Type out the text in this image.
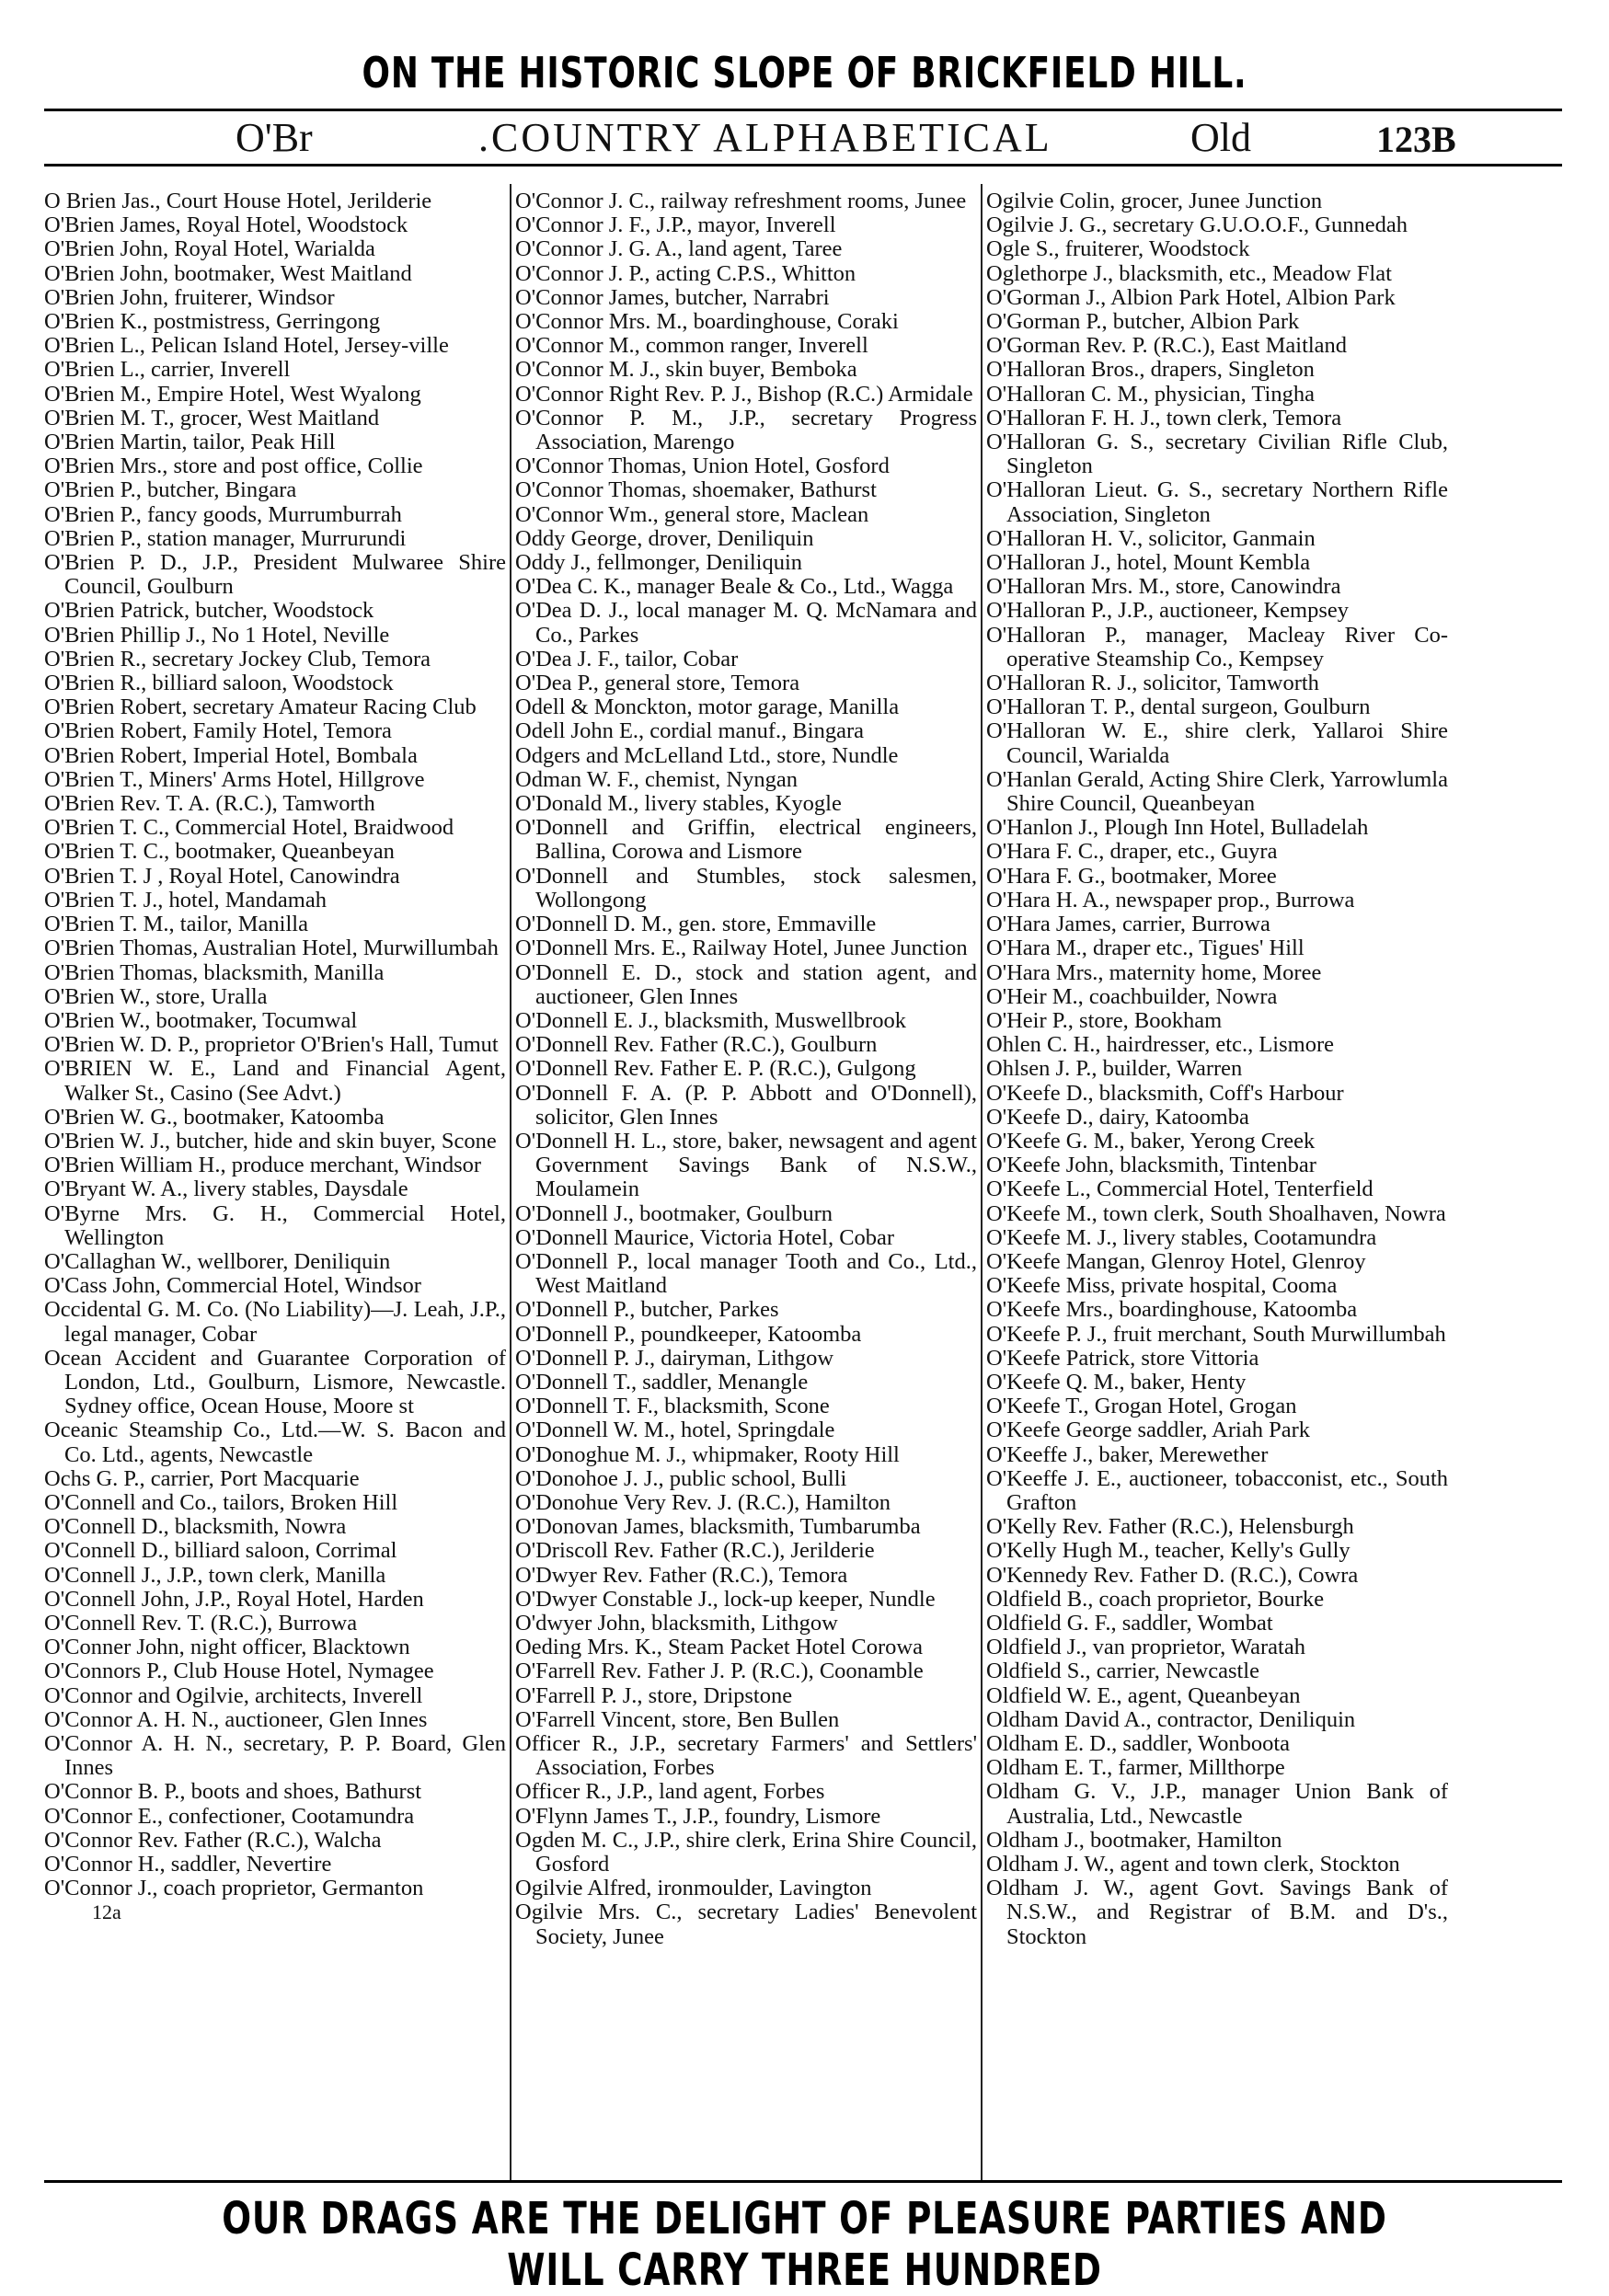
ON THE HISTORIC SLOPE OF BRICKFIELD HILL.
O'Br	.COUNTRY ALPHABETICAL	Old	123B

O Brien Jas., Court House Hotel, Jerilderie

O'Brien James, Royal Hotel, Woodstock

O'Brien John, Royal Hotel, Warialda

O'Brien John, bootmaker, West Maitland

O'Brien John, fruiterer, Windsor

O'Brien K., postmistress, Gerringong

O'Brien L., Pelican Island Hotel, Jersey-ville

O'Brien L., carrier, Inverell

O'Brien M., Empire Hotel, West Wyalong

O'Brien M. T., grocer, West Maitland

O'Brien Martin, tailor, Peak Hill

O'Brien Mrs., store and post office, Collie

O'Brien P., butcher, Bingara

O'Brien P., fancy goods, Murrumburrah

O'Brien P., station manager, Murrurundi

O'Brien P. D., J.P., President Mulwaree Shire Council, Goulburn

O'Brien Patrick, butcher, Woodstock

O'Brien Phillip J., No 1 Hotel, Neville

O'Brien R., secretary Jockey Club, Temora

O'Brien R., billiard saloon, Woodstock

O'Brien Robert, secretary Amateur Racing Club

O'Brien Robert, Family Hotel, Temora

O'Brien Robert, Imperial Hotel, Bombala

O'Brien T., Miners' Arms Hotel, Hillgrove

O'Brien Rev. T. A. (R.C.), Tamworth

O'Brien T. C., Commercial Hotel, Braidwood

O'Brien T. C., bootmaker, Queanbeyan

O'Brien T. J , Royal Hotel, Canowindra

O'Brien T. J., hotel, Mandamah

O'Brien T. M., tailor, Manilla

O'Brien Thomas, Australian Hotel, Murwillumbah

O'Brien Thomas, blacksmith, Manilla

O'Brien W., store, Uralla

O'Brien W., bootmaker, Tocumwal

O'Brien W. D. P., proprietor O'Brien's Hall, Tumut

O'BRIEN W. E., Land and Financial Agent, Walker St., Casino (See Advt.)

O'Brien W. G., bootmaker, Katoomba

O'Brien W. J., butcher, hide and skin buyer, Scone

O'Brien William H., produce merchant, Windsor

O'Bryant W. A., livery stables, Daysdale

O'Byrne Mrs. G. H., Commercial Hotel, Wellington

O'Callaghan W., wellborer, Deniliquin

O'Cass John, Commercial Hotel, Windsor

Occidental G. M. Co. (No Liability)—J. Leah, J.P., legal manager, Cobar

Ocean Accident and Guarantee Corporation of London, Ltd., Goulburn, Lismore, Newcastle. Sydney office, Ocean House, Moore st

Oceanic Steamship Co., Ltd.—W. S. Bacon and Co. Ltd., agents, Newcastle

Ochs G. P., carrier, Port Macquarie

O'Connell and Co., tailors, Broken Hill

O'Connell D., blacksmith, Nowra

O'Connell D., billiard saloon, Corrimal

O'Connell J., J.P., town clerk, Manilla

O'Connell John, J.P., Royal Hotel, Harden

O'Connell Rev. T. (R.C.), Burrowa

O'Conner John, night officer, Blacktown

O'Connors P., Club House Hotel, Nymagee

O'Connor and Ogilvie, architects, Inverell

O'Connor A. H. N., auctioneer, Glen Innes

O'Connor A. H. N., secretary, P. P. Board, Glen Innes

O'Connor B. P., boots and shoes, Bathurst

O'Connor E., confectioner, Cootamundra

O'Connor Rev. Father (R.C.), Walcha

O'Connor H., saddler, Nevertire

O'Connor J., coach proprietor, Germanton

12a

O'Connor J. C., railway refreshment rooms, Junee

O'Connor J. F., J.P., mayor, Inverell

O'Connor J. G. A., land agent, Taree

O'Connor J. P., acting C.P.S., Whitton

O'Connor James, butcher, Narrabri

O'Connor Mrs. M., boardinghouse, Coraki

O'Connor M., common ranger, Inverell

O'Connor M. J., skin buyer, Bemboka

O'Connor Right Rev. P. J., Bishop (R.C.) Armidale

O'Connor P. M., J.P., secretary Progress Association, Marengo

O'Connor Thomas, Union Hotel, Gosford

O'Connor Thomas, shoemaker, Bathurst

O'Connor Wm., general store, Maclean

Oddy George, drover, Deniliquin

Oddy J., fellmonger, Deniliquin

O'Dea C. K., manager Beale & Co., Ltd., Wagga

O'Dea D. J., local manager M. Q. McNamara and Co., Parkes

O'Dea J. F., tailor, Cobar

O'Dea P., general store, Temora

Odell & Monckton, motor garage, Manilla

Odell John E., cordial manuf., Bingara

Odgers and McLelland Ltd., store, Nundle

Odman W. F., chemist, Nyngan

O'Donald M., livery stables, Kyogle

O'Donnell and Griffin, electrical engineers, Ballina, Corowa and Lismore

O'Donnell and Stumbles, stock salesmen, Wollongong

O'Donnell D. M., gen. store, Emmaville

O'Donnell Mrs. E., Railway Hotel, Junee Junction

O'Donnell E. D., stock and station agent, and auctioneer, Glen Innes

O'Donnell E. J., blacksmith, Muswellbrook

O'Donnell Rev. Father (R.C.), Goulburn

O'Donnell Rev. Father E. P. (R.C.), Gulgong

O'Donnell F. A. (P. P. Abbott and O'Donnell), solicitor, Glen Innes

O'Donnell H. L., store, baker, newsagent and agent Government Savings Bank of N.S.W., Moulamein

O'Donnell J., bootmaker, Goulburn

O'Donnell Maurice, Victoria Hotel, Cobar

O'Donnell P., local manager Tooth and Co., Ltd., West Maitland

O'Donnell P., butcher, Parkes

O'Donnell P., poundkeeper, Katoomba

O'Donnell P. J., dairyman, Lithgow

O'Donnell T., saddler, Menangle

O'Donnell T. F., blacksmith, Scone

O'Donnell W. M., hotel, Springdale

O'Donoghue M. J., whipmaker, Rooty Hill

O'Donohoe J. J., public school, Bulli

O'Donohue Very Rev. J. (R.C.), Hamilton

O'Donovan James, blacksmith, Tumbarumba

O'Driscoll Rev. Father (R.C.), Jerilderie

O'Dwyer Rev. Father (R.C.), Temora

O'Dwyer Constable J., lock-up keeper, Nundle

O'dwyer John, blacksmith, Lithgow

Oeding Mrs. K., Steam Packet Hotel Corowa

O'Farrell Rev. Father J. P. (R.C.), Coonamble

O'Farrell P. J., store, Dripstone

O'Farrell Vincent, store, Ben Bullen

Officer R., J.P., secretary Farmers' and Settlers' Association, Forbes

Officer R., J.P., land agent, Forbes

O'Flynn James T., J.P., foundry, Lismore

Ogden M. C., J.P., shire clerk, Erina Shire Council, Gosford

Ogilvie Alfred, ironmoulder, Lavington

Ogilvie Mrs. C., secretary Ladies' Benevolent Society, Junee

Ogilvie Colin, grocer, Junee Junction

Ogilvie J. G., secretary G.U.O.O.F., Gunnedah

Ogle S., fruiterer, Woodstock

Oglethorpe J., blacksmith, etc., Meadow Flat

O'Gorman J., Albion Park Hotel, Albion Park

O'Gorman P., butcher, Albion Park

O'Gorman Rev. P. (R.C.), East Maitland

O'Halloran Bros., drapers, Singleton

O'Halloran C. M., physician, Tingha

O'Halloran F. H. J., town clerk, Temora

O'Halloran G. S., secretary Civilian Rifle Club, Singleton

O'Halloran Lieut. G. S., secretary Northern Rifle Association, Singleton

O'Halloran H. V., solicitor, Ganmain

O'Halloran J., hotel, Mount Kembla

O'Halloran Mrs. M., store, Canowindra

O'Halloran P., J.P., auctioneer, Kempsey

O'Halloran P., manager, Macleay River Co-operative Steamship Co., Kempsey

O'Halloran R. J., solicitor, Tamworth

O'Halloran T. P., dental surgeon, Goulburn

O'Halloran W. E., shire clerk, Yallaroi Shire Council, Warialda

O'Hanlan Gerald, Acting Shire Clerk, Yarrowlumla Shire Council, Queanbeyan

O'Hanlon J., Plough Inn Hotel, Bulladelah

O'Hara F. C., draper, etc., Guyra

O'Hara F. G., bootmaker, Moree

O'Hara H. A., newspaper prop., Burrowa

O'Hara James, carrier, Burrowa

O'Hara M., draper etc., Tigues' Hill

O'Hara Mrs., maternity home, Moree

O'Heir M., coachbuilder, Nowra

O'Heir P., store, Bookham

Ohlen C. H., hairdresser, etc., Lismore

Ohlsen J. P., builder, Warren

O'Keefe D., blacksmith, Coff's Harbour

O'Keefe D., dairy, Katoomba

O'Keefe G. M., baker, Yerong Creek

O'Keefe John, blacksmith, Tintenbar

O'Keefe L., Commercial Hotel, Tenterfield

O'Keefe M., town clerk, South Shoalhaven, Nowra

O'Keefe M. J., livery stables, Cootamundra

O'Keefe Mangan, Glenroy Hotel, Glenroy

O'Keefe Miss, private hospital, Cooma

O'Keefe Mrs., boardinghouse, Katoomba

O'Keefe P. J., fruit merchant, South Murwillumbah

O'Keefe Patrick, store Vittoria

O'Keefe Q. M., baker, Henty

O'Keefe T., Grogan Hotel, Grogan

O'Keefe George saddler, Ariah Park

O'Keeffe J., baker, Merewether

O'Keeffe J. E., auctioneer, tobacconist, etc., South Grafton

O'Kelly Rev. Father (R.C.), Helensburgh

O'Kelly Hugh M., teacher, Kelly's Gully

O'Kennedy Rev. Father D. (R.C.), Cowra

Oldfield B., coach proprietor, Bourke

Oldfield G. F., saddler, Wombat

Oldfield J., van proprietor, Waratah

Oldfield S., carrier, Newcastle

Oldfield W. E., agent, Queanbeyan

Oldham David A., contractor, Deniliquin

Oldham E. D., saddler, Wonboota

Oldham E. T., farmer, Millthorpe

Oldham G. V., J.P., manager Union Bank of Australia, Ltd., Newcastle

Oldham J., bootmaker, Hamilton

Oldham J. W., agent and town clerk, Stockton

Oldham J. W., agent Govt. Savings Bank of N.S.W., and Registrar of B.M. and D's., Stockton

OUR DRAGS ARE THE DELIGHT OF PLEASURE PARTIES AND WILL CARRY THREE HUNDRED
